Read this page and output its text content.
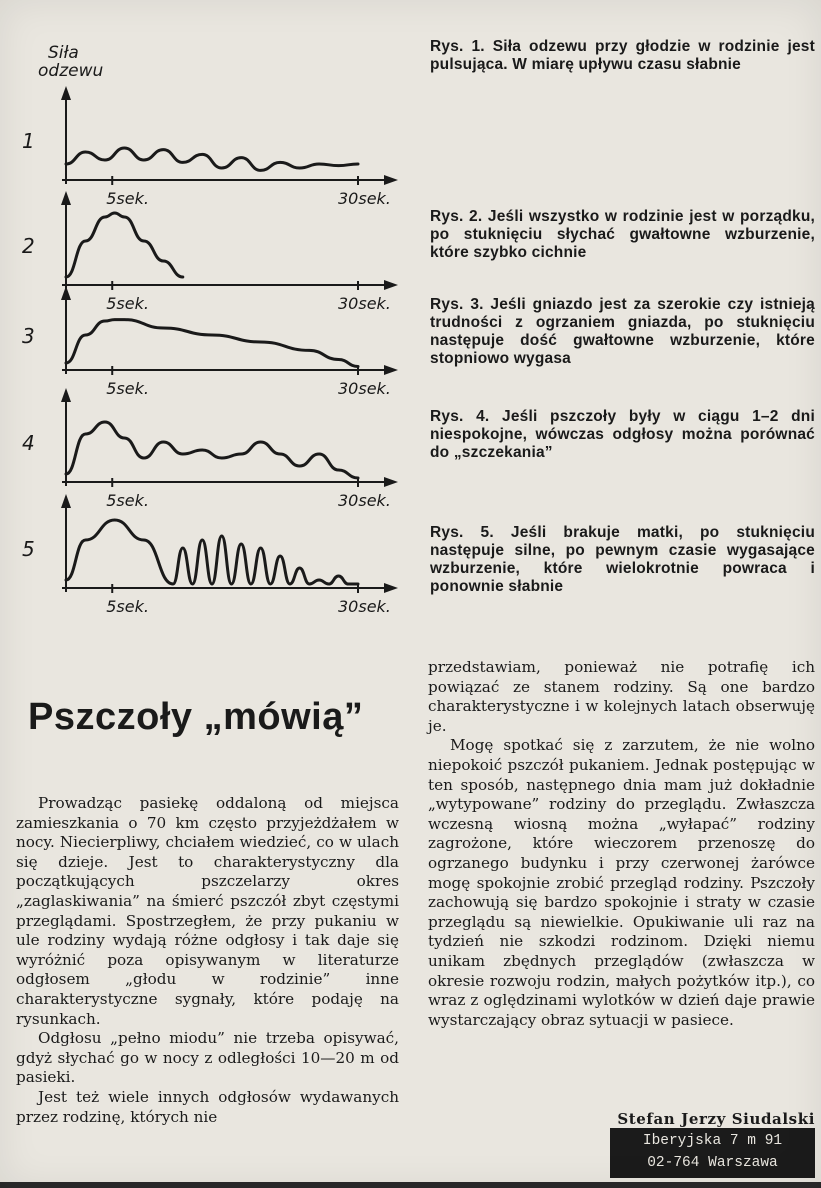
Siła
odzewu
1
5sek.	30sek.
2
5sek.	30sek.
3
5sek.	30sek.
4
5sek.	30sek.
5
5sek.	30sek.
Rys. 1. Siła odzewu przy głodzie w rodzinie jest pulsująca. W miarę upływu czasu słabnie
Rys. 2. Jeśli wszystko w rodzinie jest w porządku, po stuknięciu słychać gwałtowne wzburzenie, które szybko cichnie
Rys. 3. Jeśli gniazdo jest za szerokie czy istnieją trudności z ogrzaniem gniazda, po stuknięciu następuje dość gwałtowne wzburzenie, które stopniowo wygasa
Rys. 4. Jeśli pszczoły były w ciągu 1–2 dni niespokojne, wówczas odgłosy można porównać do „szczekania”
Rys. 5. Jeśli brakuje matki, po stuknięciu następuje silne, po pewnym czasie wygasające wzburzenie, które wielokrotnie powraca i ponownie słabnie
Pszczoły „mówią”

Prowadząc pasiekę oddaloną od miejsca zamieszkania o 70 km często przyjeżdżałem w nocy. Niecierpliwy, chciałem wiedzieć, co w ulach się dzieje. Jest to charakterystyczny dla początkujących pszczelarzy okres „zaglaskiwania” na śmierć pszczół zbyt częstymi przeglądami. Spostrzegłem, że przy pukaniu w ule rodziny wydają różne odgłosy i tak daje się wyróżnić poza opisywanym w literaturze odgłosem „głodu w rodzinie” inne charakterystyczne sygnały, które podaję na rysunkach.

Odgłosu „pełno miodu” nie trzeba opisywać, gdyż słychać go w nocy z odległości 10—20 m od pasieki.

Jest też wiele innych odgłosów wydawanych przez rodzinę, których nie

przedstawiam, ponieważ nie potrafię ich powiązać ze stanem rodziny. Są one bardzo charakterystyczne i w kolejnych latach obserwuję je.

Mogę spotkać się z zarzutem, że nie wolno niepokoić pszczół pukaniem. Jednak postępując w ten sposób, następnego dnia mam już dokładnie „wytypowane” rodziny do przeglądu. Zwłaszcza wczesną wiosną można „wyłapać” rodziny zagrożone, które wieczorem przenoszę do ogrzanego budynku i przy czerwonej żarówce mogę spokojnie zrobić przegląd rodziny. Pszczoły zachowują się bardzo spokojnie i straty w czasie przeglądu są niewielkie. Opukiwanie uli raz na tydzień nie szkodzi rodzinom. Dzięki niemu unikam zbędnych przeglądów (zwłaszcza w okresie rozwoju rodzin, małych pożytków itp.), co wraz z oględzinami wylotków w dzień daje prawie wystarczający obraz sytuacji w pasiece.

Stefan Jerzy Siudalski
Iberyjska 7 m 91
02-764 Warszawa
